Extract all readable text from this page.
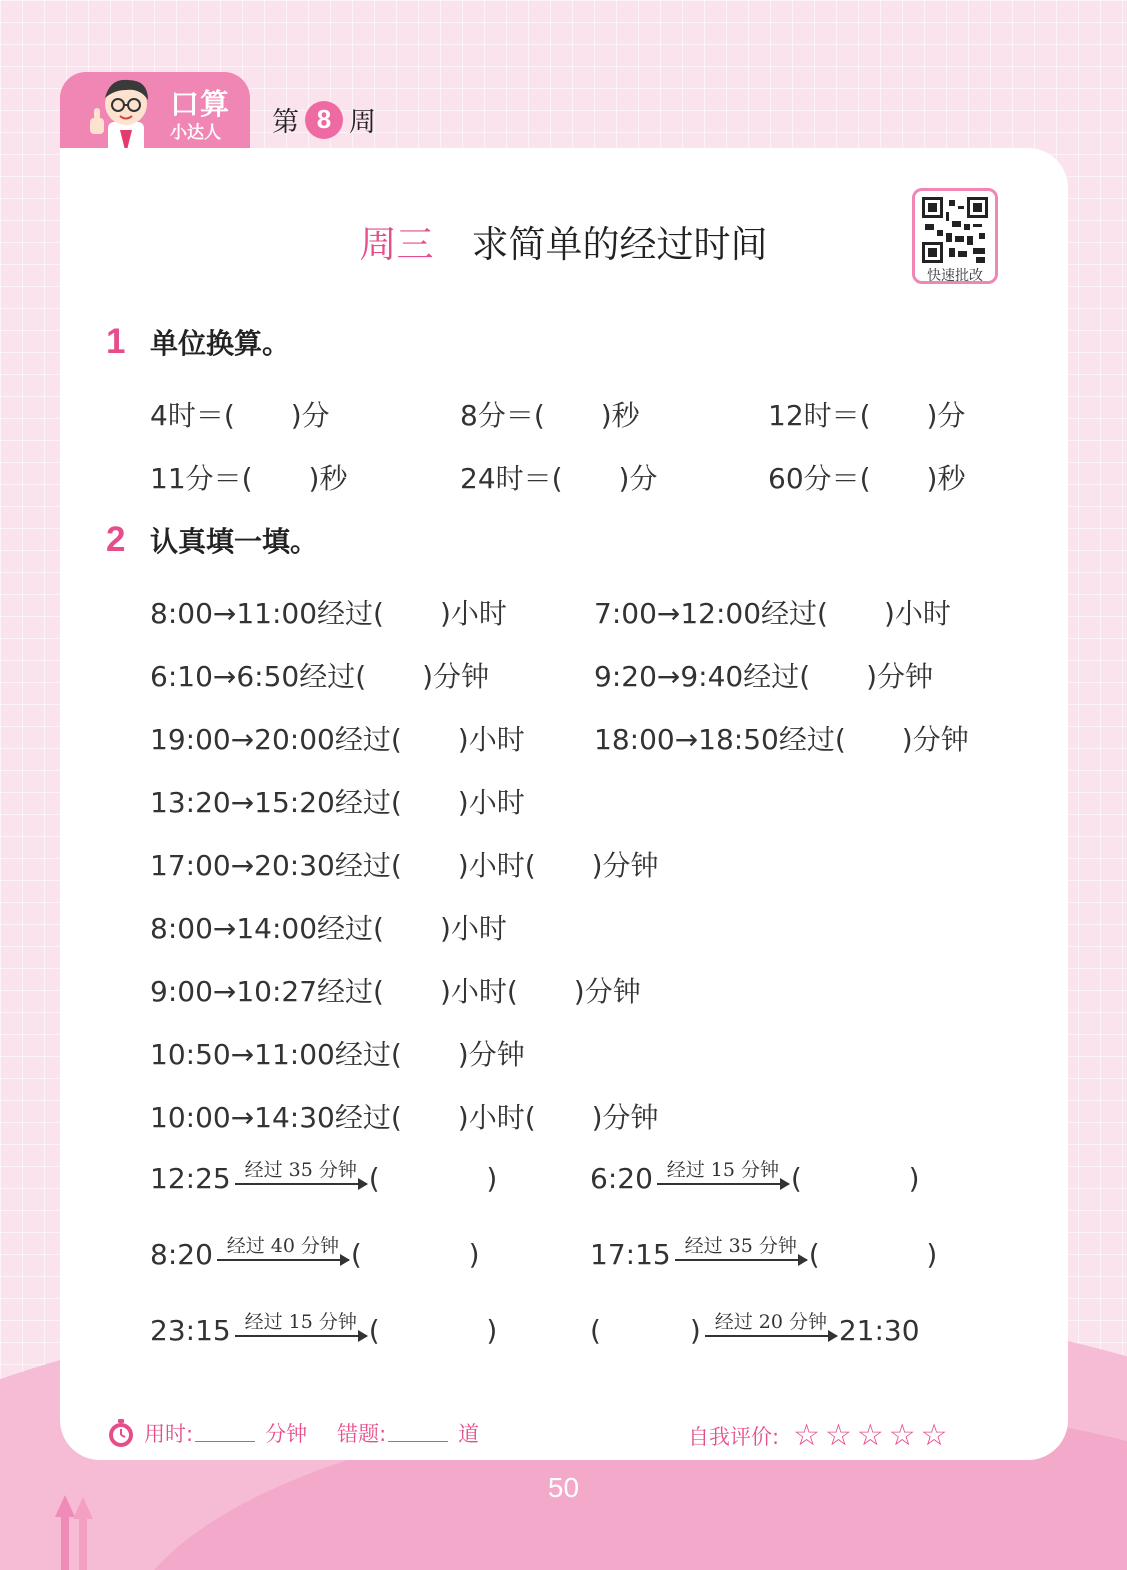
50
口算
小达人 第 8 周
周三 求简单的经过时间
快速批改
1 单位换算。
4时＝(　　)分	8分＝(　　)秒	12时＝(　　)分
11分＝(　　)秒	24时＝(　　)分	60分＝(　　)秒
2 认真填一填。
8:00→11:00经过(　　)小时	7:00→12:00经过(　　)小时
6:10→6:50经过(　　)分钟	9:20→9:40经过(　　)分钟
19:00→20:00经过(　　)小时 18:00→18:50经过(　　)分钟
13:20→15:20经过(　　)小时
17:00→20:30经过(　　)小时(　　)分钟
8:00→14:00经过(　　)小时
9:00→10:27经过(　　)小时(　　)分钟
10:50→11:00经过(　　)分钟
10:00→14:30经过(　　)小时(　　)分钟
12:25 经过 35 分钟 (            )	6:20 经过 15 分钟 (            )
8:20 经过 40 分钟 (            )	17:15 经过 35 分钟 (            )
23:15 经过 15 分钟 (            )	(          ) 经过 20 分钟 21:30
用时:	分钟 错题:	道	自我评价: ☆☆☆☆☆
